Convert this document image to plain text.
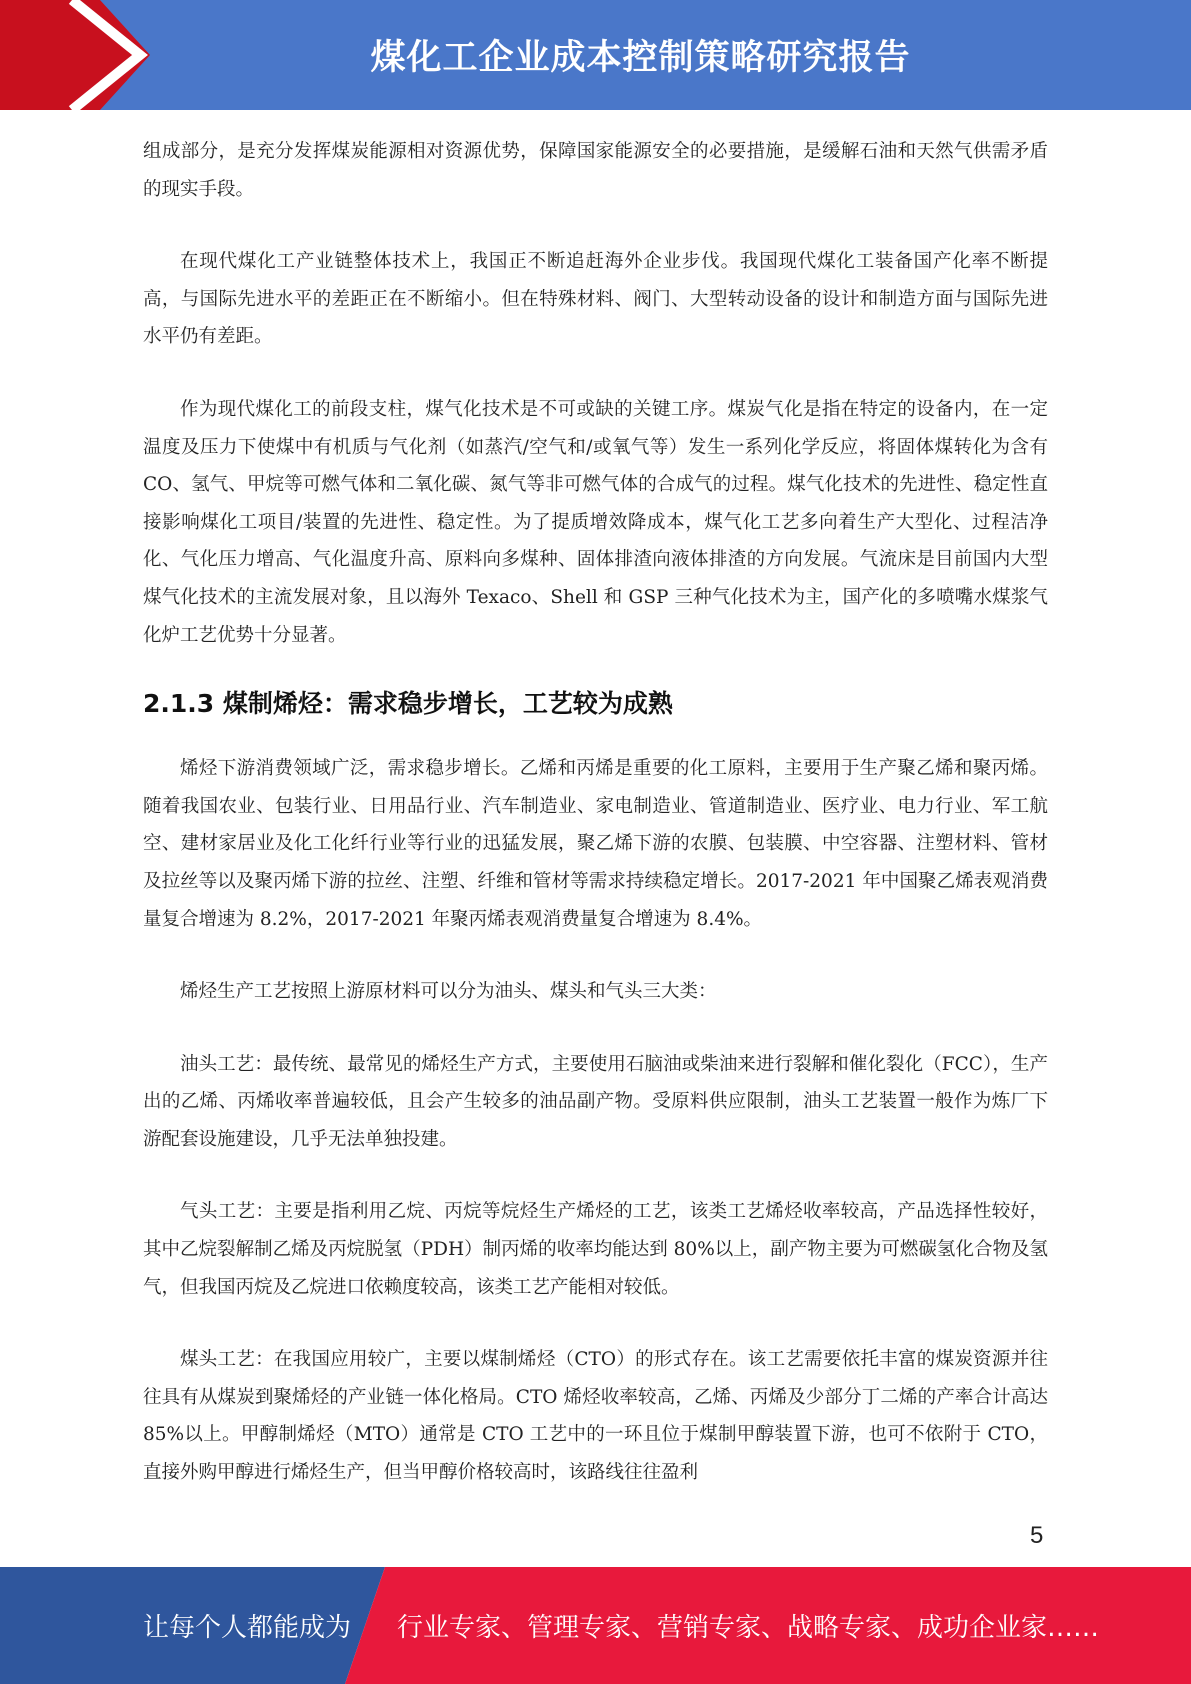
煤化工企业成本控制策略研究报告

组成部分，是充分发挥煤炭能源相对资源优势，保障国家能源安全的必要措施，是缓解石油和天然气供需矛盾的现实手段。

在现代煤化工产业链整体技术上，我国正不断追赶海外企业步伐。我国现代煤化工装备国产化率不断提高，与国际先进水平的差距正在不断缩小。但在特殊材料、阀门、大型转动设备的设计和制造方面与国际先进水平仍有差距。

作为现代煤化工的前段支柱，煤气化技术是不可或缺的关键工序。煤炭气化是指在特定的设备内，在一定温度及压力下使煤中有机质与气化剂（如蒸汽/空气和/或氧气等）发生一系列化学反应，将固体煤转化为含有 CO、氢气、甲烷等可燃气体和二氧化碳、氮气等非可燃气体的合成气的过程。煤气化技术的先进性、稳定性直接影响煤化工项目/装置的先进性、稳定性。为了提质增效降成本，煤气化工艺多向着生产大型化、过程洁净化、气化压力增高、气化温度升高、原料向多煤种、固体排渣向液体排渣的方向发展。气流床是目前国内大型煤气化技术的主流发展对象，且以海外 Texaco、Shell 和 GSP 三种气化技术为主，国产化的多喷嘴水煤浆气化炉工艺优势十分显著。

2.1.3 煤制烯烃：需求稳步增长，工艺较为成熟

烯烃下游消费领域广泛，需求稳步增长。乙烯和丙烯是重要的化工原料，主要用于生产聚乙烯和聚丙烯。随着我国农业、包装行业、日用品行业、汽车制造业、家电制造业、管道制造业、医疗业、电力行业、军工航空、建材家居业及化工化纤行业等行业的迅猛发展，聚乙烯下游的农膜、包装膜、中空容器、注塑材料、管材及拉丝等以及聚丙烯下游的拉丝、注塑、纤维和管材等需求持续稳定增长。2017-2021 年中国聚乙烯表观消费量复合增速为 8.2%，2017-2021 年聚丙烯表观消费量复合增速为 8.4%。

烯烃生产工艺按照上游原材料可以分为油头、煤头和气头三大类：

油头工艺：最传统、最常见的烯烃生产方式，主要使用石脑油或柴油来进行裂解和催化裂化（FCC），生产出的乙烯、丙烯收率普遍较低，且会产生较多的油品副产物。受原料供应限制，油头工艺装置一般作为炼厂下游配套设施建设，几乎无法单独投建。

气头工艺：主要是指利用乙烷、丙烷等烷烃生产烯烃的工艺，该类工艺烯烃收率较高，产品选择性较好，其中乙烷裂解制乙烯及丙烷脱氢（PDH）制丙烯的收率均能达到 80%以上，副产物主要为可燃碳氢化合物及氢气，但我国丙烷及乙烷进口依赖度较高，该类工艺产能相对较低。

煤头工艺：在我国应用较广，主要以煤制烯烃（CTO）的形式存在。该工艺需要依托丰富的煤炭资源并往往具有从煤炭到聚烯烃的产业链一体化格局。CTO 烯烃收率较高，乙烯、丙烯及少部分丁二烯的产率合计高达 85%以上。甲醇制烯烃（MTO）通常是 CTO 工艺中的一环且位于煤制甲醇装置下游，也可不依附于 CTO，直接外购甲醇进行烯烃生产，但当甲醇价格较高时，该路线往往盈利

5
让每个人都能成为 行业专家、管理专家、营销专家、战略专家、成功企业家……
